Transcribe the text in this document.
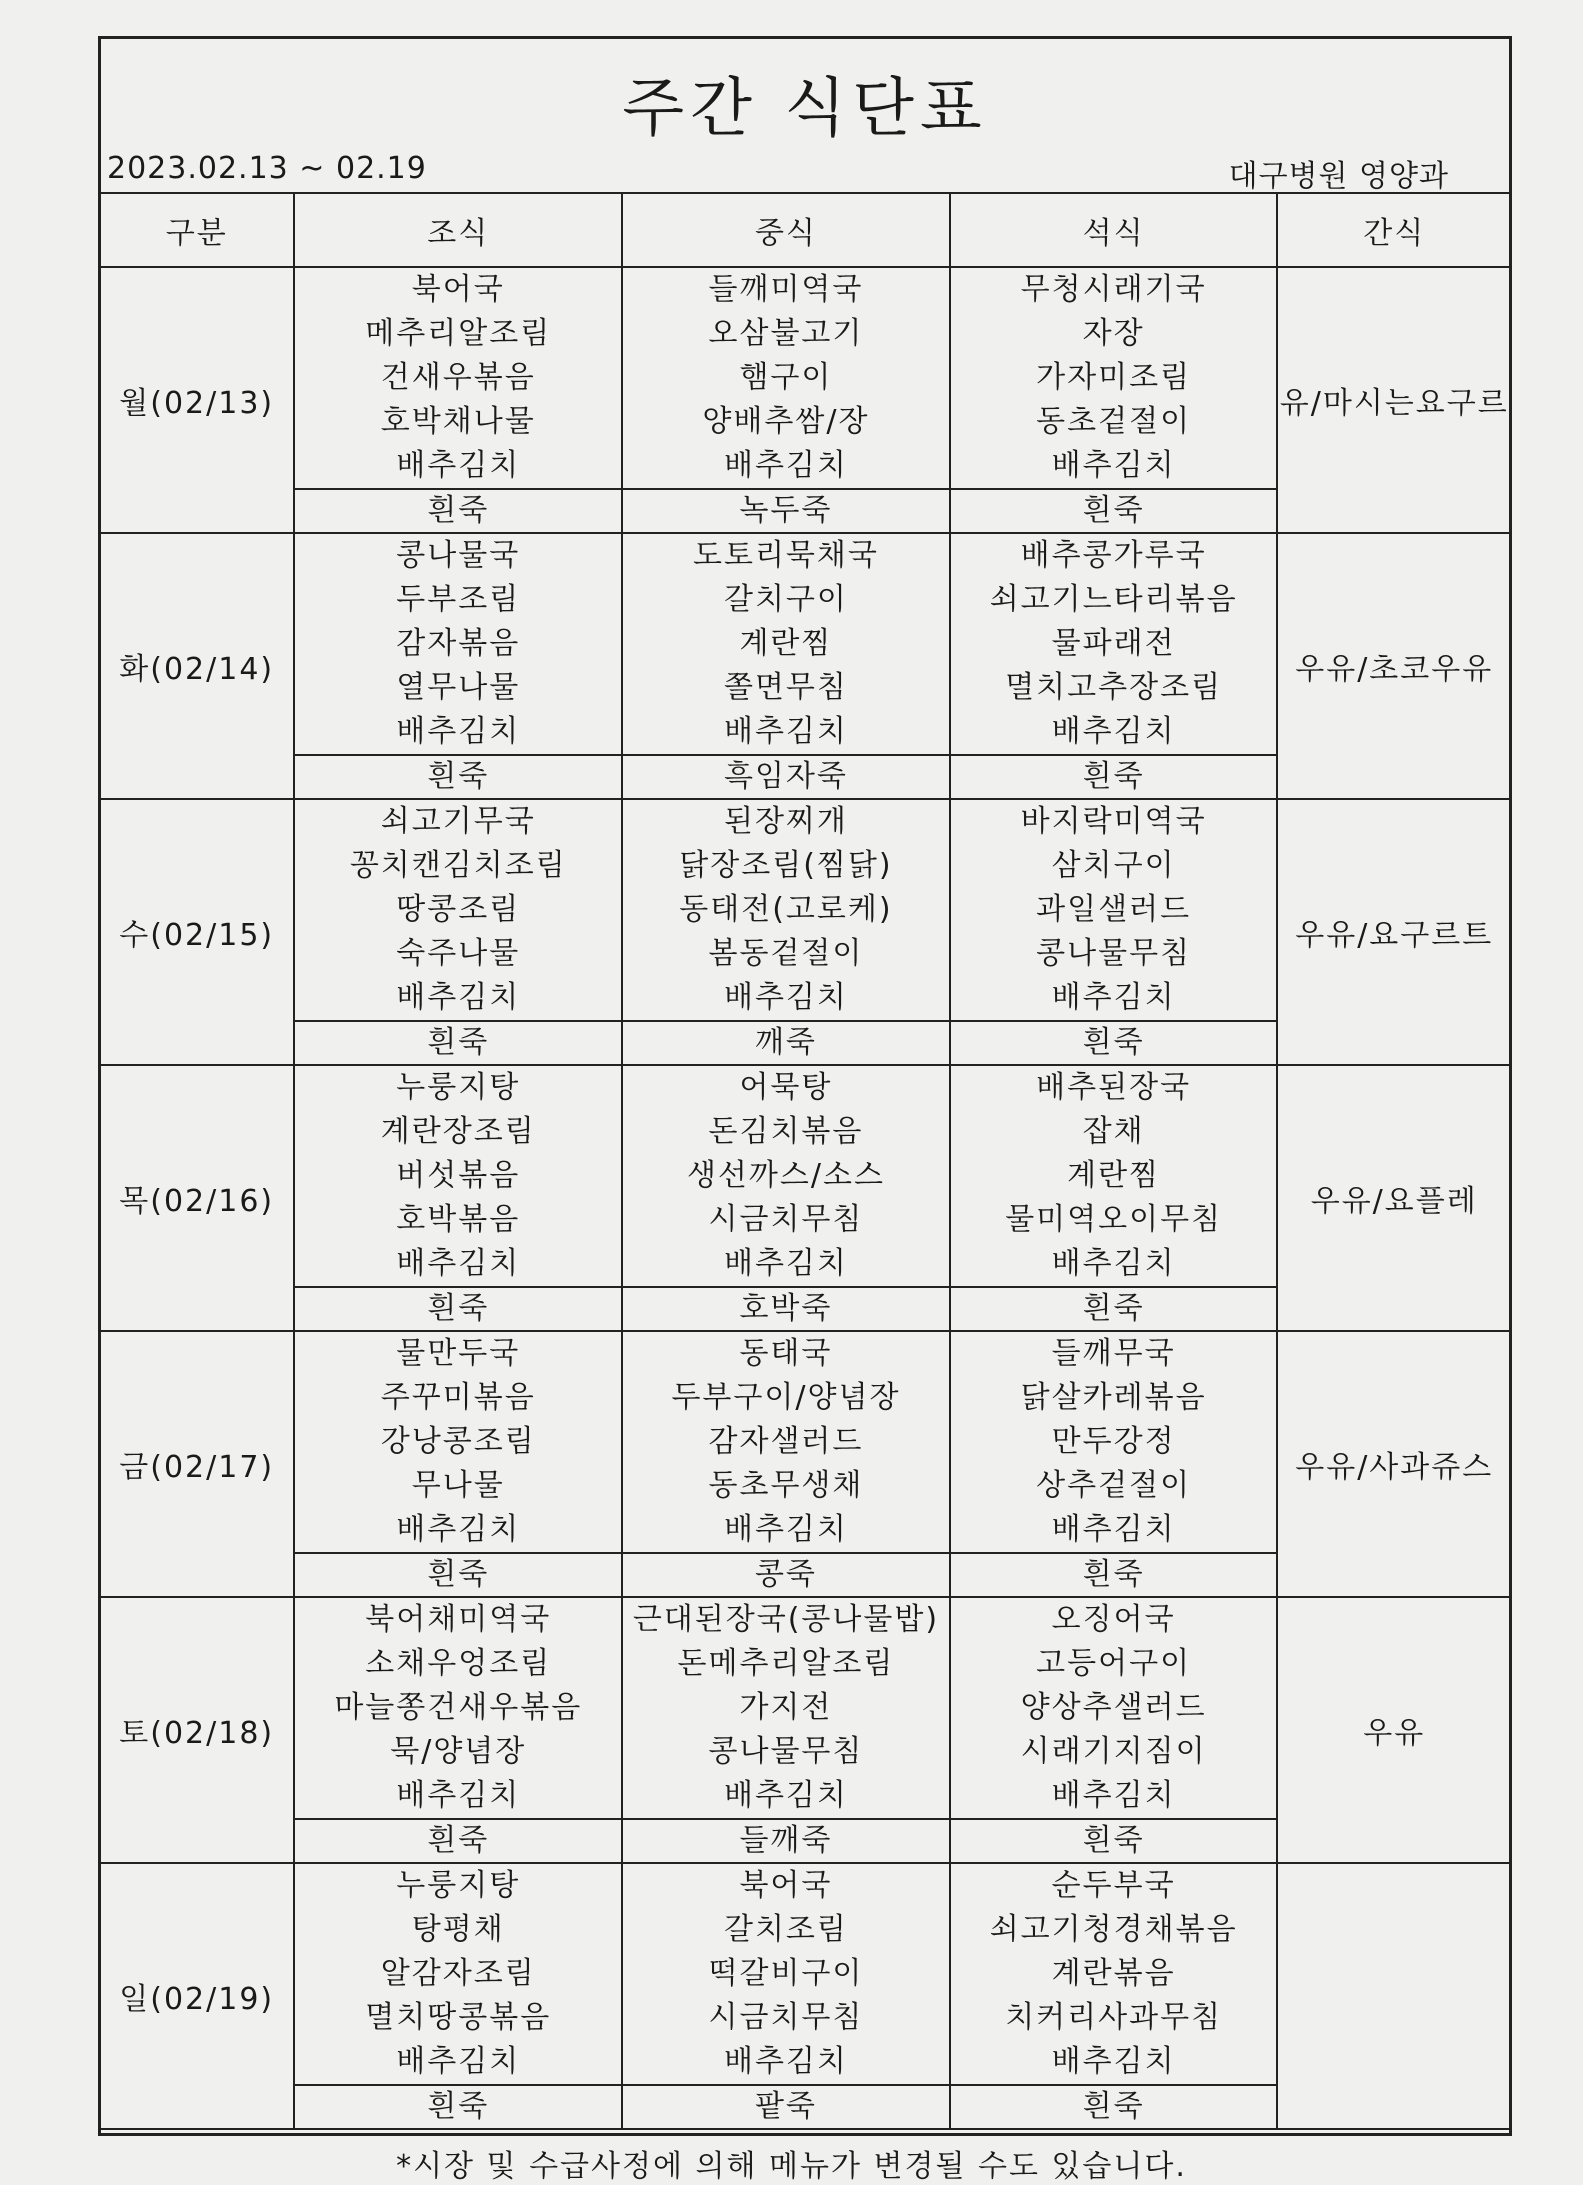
주간 식단표
2023.02.13 ~ 02.19	대구병원 영양과
구분	조식	중식	석식	간식
월(02/13)	북어국
메추리알조림
건새우볶음
호박채나물
배추김치	들깨미역국
오삼불고기
햄구이
양배추쌈/장
배추김치	무청시래기국
자장
가자미조림
동초겉절이
배추김치	유/마시는요구르
	흰죽	녹두죽	흰죽	
화(02/14)	콩나물국
두부조림
감자볶음
열무나물
배추김치	도토리묵채국
갈치구이
계란찜
쫄면무침
배추김치	배추콩가루국
쇠고기느타리볶음
물파래전
멸치고추장조림
배추김치	우유/초코우유
	흰죽	흑임자죽	흰죽	
수(02/15)	쇠고기무국
꽁치캔김치조림
땅콩조림
숙주나물
배추김치	된장찌개
닭장조림(찜닭)
동태전(고로케)
봄동겉절이
배추김치	바지락미역국
삼치구이
과일샐러드
콩나물무침
배추김치	우유/요구르트
	흰죽	깨죽	흰죽	
목(02/16)	누룽지탕
계란장조림
버섯볶음
호박볶음
배추김치	어묵탕
돈김치볶음
생선까스/소스
시금치무침
배추김치	배추된장국
잡채
계란찜
물미역오이무침
배추김치	우유/요플레
	흰죽	호박죽	흰죽	
금(02/17)	물만두국
주꾸미볶음
강낭콩조림
무나물
배추김치	동태국
두부구이/양념장
감자샐러드
동초무생채
배추김치	들깨무국
닭살카레볶음
만두강정
상추겉절이
배추김치	우유/사과쥬스
	흰죽	콩죽	흰죽	
토(02/18)	북어채미역국
소채우엉조림
마늘쫑건새우볶음
묵/양념장
배추김치	근대된장국(콩나물밥)
돈메추리알조림
가지전
콩나물무침
배추김치	오징어국
고등어구이
양상추샐러드
시래기지짐이
배추김치	우유
	흰죽	들깨죽	흰죽	
일(02/19)	누룽지탕
탕평채
알감자조림
멸치땅콩볶음
배추김치	북어국
갈치조림
떡갈비구이
시금치무침
배추김치	순두부국
쇠고기청경채볶음
계란볶음
치커리사과무침
배추김치	

	흰죽	팥죽	흰죽	
*시장 및 수급사정에 의해 메뉴가 변경될 수도 있습니다.
